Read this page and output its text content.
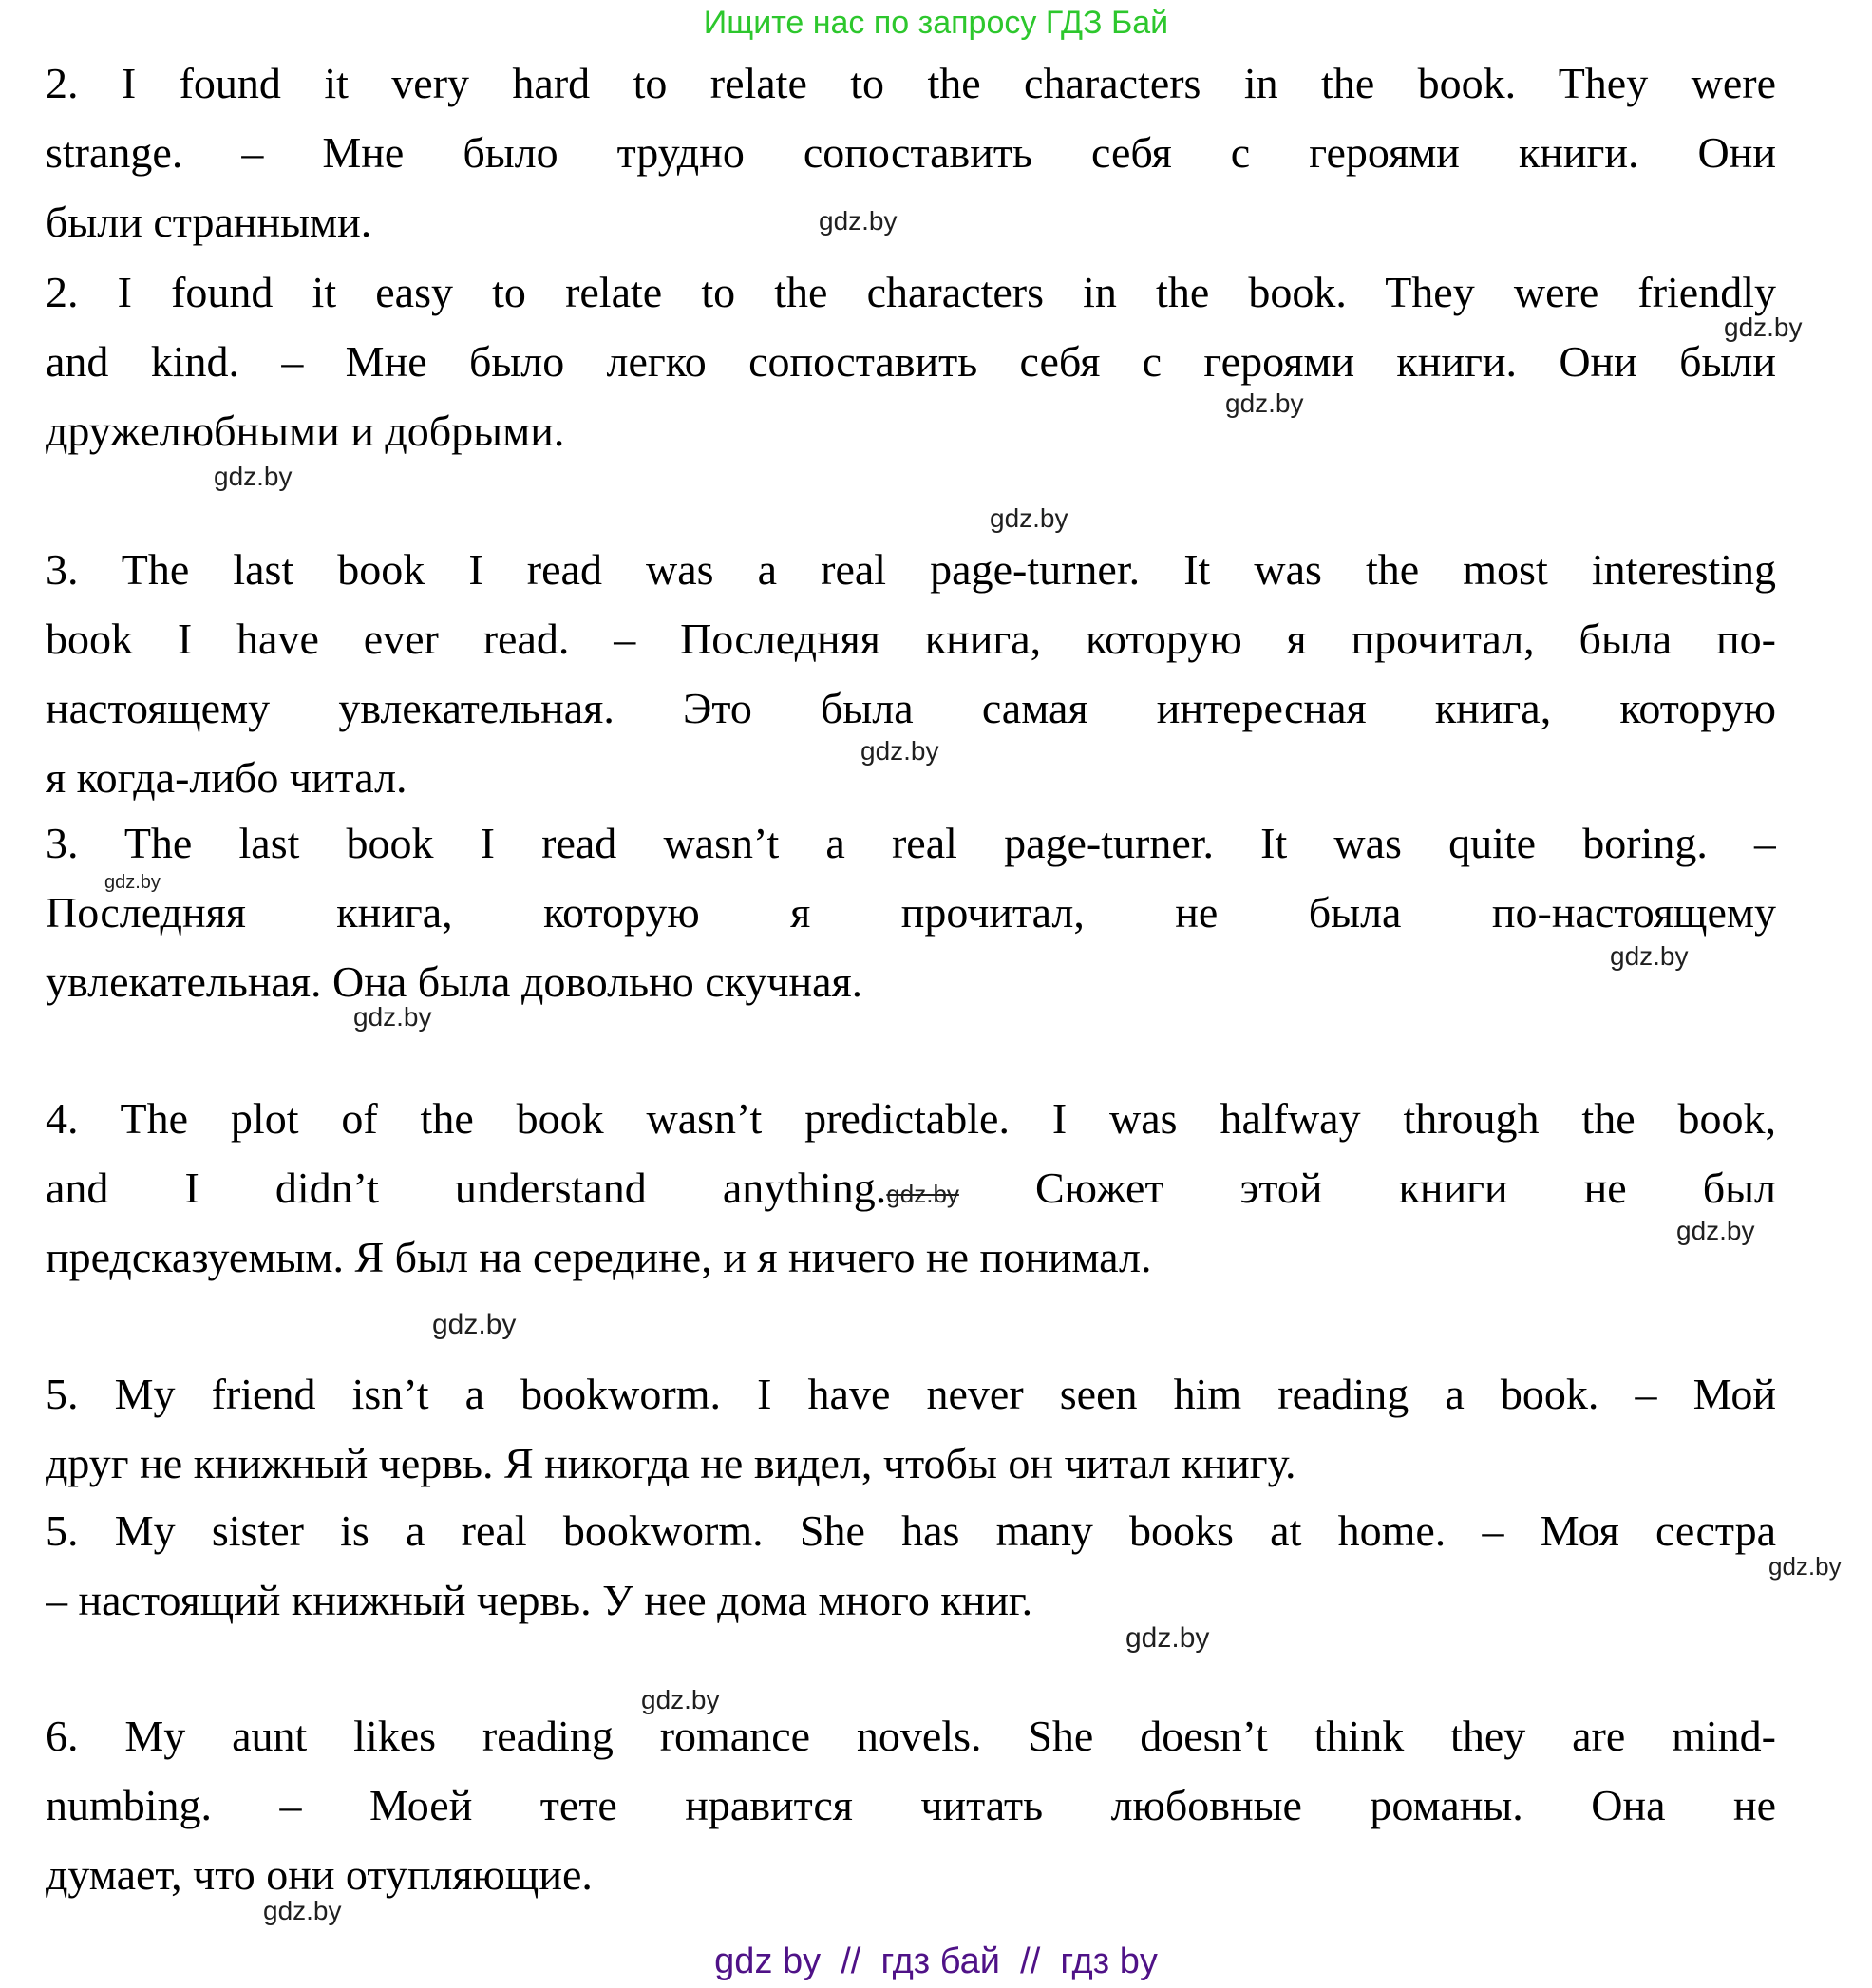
Ищите нас по запросу ГДЗ Бай
2. I found it very hard to relate to the characters in the book. They were
strange. – Мне было трудно сопоставить себя с героями книги. Они
были странными.
2. I found it easy to relate to the characters in the book. They were friendly
and kind. – Мне было легко сопоставить себя с героями книги. Они были
дружелюбными и добрыми.
3. The last book I read was a real page-turner. It was the most interesting
book I have ever read. – Последняя книга, которую я прочитал, была по-
настоящему увлекательная. Это была самая интересная книга, которую
я когда-либо читал.
3. The last book I read wasn’t a real page-turner. It was quite boring. –
Последняя книга, которую я прочитал, не была по-настоящему
увлекательная. Она была довольно скучная.
4. The plot of the book wasn’t predictable. I was halfway through the book,
and I didn’t understand anything.gdz.by Сюжет этой книги не был
предсказуемым. Я был на середине, и я ничего не понимал.
5. My friend isn’t a bookworm. I have never seen him reading a book. – Мой
друг не книжный червь. Я никогда не видел, чтобы он читал книгу.
5. My sister is a real bookworm. She has many books at home. – Моя сестра
– настоящий книжный червь. У нее дома много книг.
6. My aunt likes reading romance novels. She doesn’t think they are mind-
numbing. – Моей тете нравится читать любовные романы. Она не
думает, что они отупляющие.
gdz.by
gdz.by
gdz.by
gdz.by
gdz.by
gdz.by
gdz.by
gdz.by
gdz.by
gdz.by
gdz.by
gdz.by
gdz.by
gdz.by
gdz.by
gdz by  //  гдз бай  //  гдз by
